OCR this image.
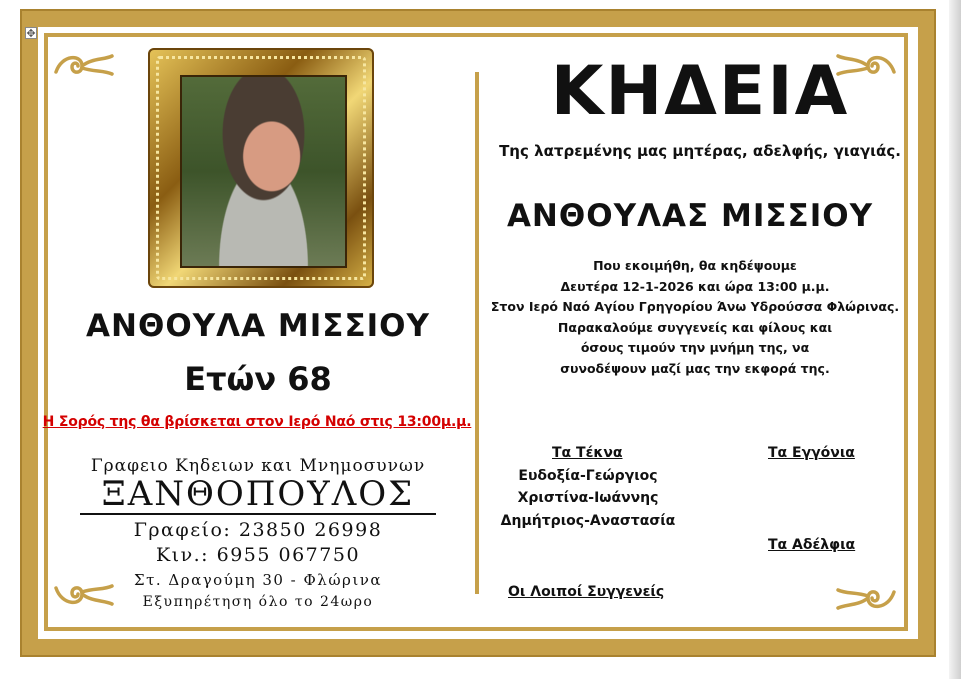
✥
ΑΝΘΟΥΛΑ ΜΙΣΣΙΟΥ
Ετών 68
Η Σορός της θα βρίσκεται στον Ιερό Ναό στις 13:00μ.μ.
Γραφειο Κηδειων και Μνημοσυνων
ΞΑΝΘΟΠΟΥΛΟΣ
Γραφείο: 23850 26998
Κιν.: 6955 067750
Στ. Δραγούμη 30 - Φλώρινα
Εξυπηρέτηση όλο το 24ωρο
ΚΗΔΕΙΑ
Της λατρεμένης μας μητέρας, αδελφής, γιαγιάς.
ΑΝΘΟΥΛΑΣ ΜΙΣΣΙΟΥ
Που εκοιμήθη, θα κηδέψουμε
Δευτέρα 12-1-2026 και ώρα 13:00 μ.μ.
Στον Ιερό Ναό Αγίου Γρηγορίου Άνω Υδρούσσα Φλώρινας.
Παρακαλούμε συγγενείς και φίλους και
όσους τιμούν την μνήμη της, να
συνοδέψουν μαζί μας την εκφορά της.
Τα Τέκνα
Ευδοξία-Γεώργιος
Χριστίνα-Ιωάννης
Δημήτριος-Αναστασία
Τα Εγγόνια
Τα Αδέλφια
Οι Λοιποί Συγγενείς
